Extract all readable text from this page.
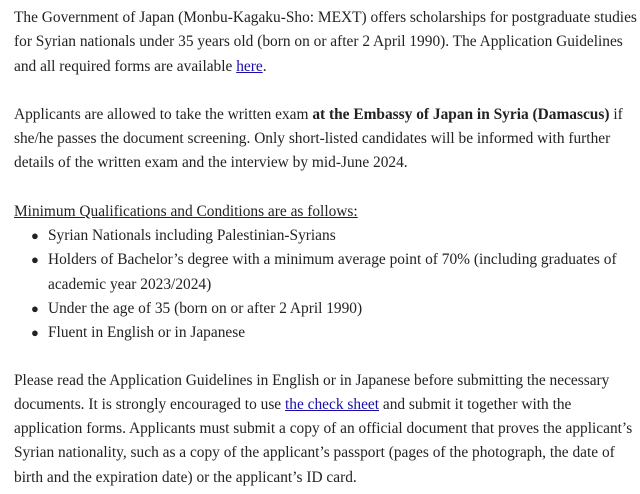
The Government of Japan (Monbu-Kagaku-Sho: MEXT) offers scholarships for postgraduate studies for Syrian nationals under 35 years old (born on or after 2 April 1990). The Application Guidelines and all required forms are available here.

Applicants are allowed to take the written exam at the Embassy of Japan in Syria (Damascus) if she/he passes the document screening. Only short-listed candidates will be informed with further details of the written exam and the interview by mid-June 2024.

Minimum Qualifications and Conditions are as follows:

● Syrian Nationals including Palestinian-Syrians
● Holders of Bachelor’s degree with a minimum average point of 70% (including graduates of academic year 2023/2024)
● Under the age of 35 (born on or after 2 April 1990)
● Fluent in English or in Japanese

Please read the Application Guidelines in English or in Japanese before submitting the necessary documents. It is strongly encouraged to use the check sheet and submit it together with the application forms. Applicants must submit a copy of an official document that proves the applicant’s Syrian nationality, such as a copy of the applicant’s passport (pages of the photograph, the date of birth and the expiration date) or the applicant’s ID card.
